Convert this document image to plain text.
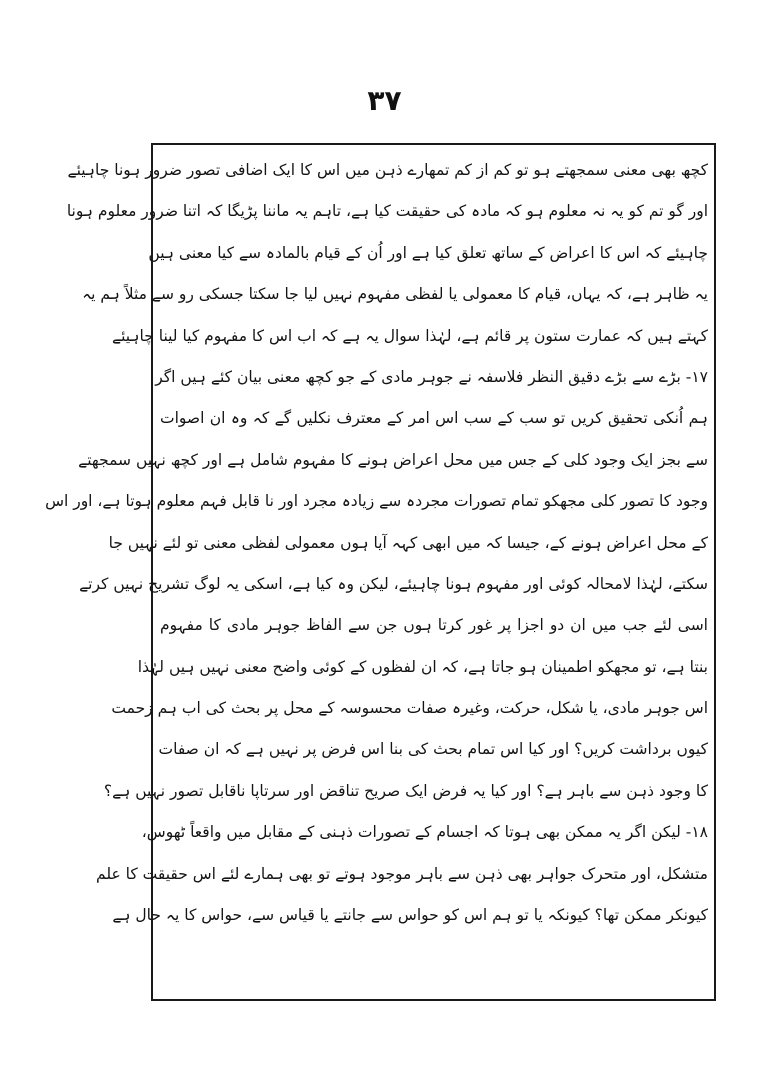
۳۷
کچھ بھی معنی سمجھتے ہو تو کم از کم تمھارے ذہن میں اس کا ایک اضافی تصور ضرور ہونا چاہیئے
اور گو تم کو یہ نہ معلوم ہو کہ مادہ کی حقیقت کیا ہے، تاہم یہ ماننا پڑیگا کہ اتنا ضرور معلوم ہونا
چاہیئے کہ اس کا اعراض کے ساتھ تعلق کیا ہے اور اُن کے قیام بالمادہ سے کیا معنی ہیں
یہ ظاہر ہے، کہ یہاں، قیام کا معمولی یا لفظی مفہوم نہیں لیا جا سکتا جسکی رو سے مثلاً ہم یہ
کہتے ہیں کہ عمارت ستون پر قائم ہے، لہٰذا سوال یہ ہے کہ اب اس کا مفہوم کیا لینا چاہیئے
۱۷- بڑے سے بڑے دقیق النظر فلاسفہ نے جوہر مادی کے جو کچھ معنی بیان کئے ہیں اگر
ہم اُنکی تحقیق کریں تو سب کے سب اس امر کے معترف نکلیں گے کہ وہ ان اصوات
سے بجز ایک وجود کلی کے جس میں محل اعراض ہونے کا مفہوم شامل ہے اور کچھ نہیں سمجھتے
وجود کا تصور کلی مجھکو تمام تصورات مجردہ سے زیادہ مجرد اور نا قابل فہم معلوم ہوتا ہے، اور اس
کے محل اعراض ہونے کے، جیسا کہ میں ابھی کہہ آیا ہوں معمولی لفظی معنی تو لئے نہیں جا
سکتے، لہٰذا لامحالہ کوئی اور مفہوم ہونا چاہیئے، لیکن وہ کیا ہے، اسکی یہ لوگ تشریح نہیں کرتے
اسی لئے جب میں ان دو اجزا پر غور کرتا ہوں جن سے الفاظ جوہر مادی کا مفہوم
بنتا ہے، تو مجھکو اطمینان ہو جاتا ہے، کہ ان لفظوں کے کوئی واضح معنی نہیں ہیں لہٰذا
اس جوہر مادی، یا شکل، حرکت، وغیرہ صفات محسوسہ کے محل پر بحث کی اب ہم زحمت
کیوں برداشت کریں؟ اور کیا اس تمام بحث کی بنا اس فرض پر نہیں ہے کہ ان صفات
کا وجود ذہن سے باہر ہے؟ اور کیا یہ فرض ایک صریح تناقض اور سرتاپا ناقابل تصور نہیں ہے؟
۱۸- لیکن اگر یہ ممکن بھی ہوتا کہ اجسام کے تصورات ذہنی کے مقابل میں واقعاً ٹھوس،
متشکل، اور متحرک جواہر بھی ذہن سے باہر موجود ہوتے تو بھی ہمارے لئے اس حقیقت کا علم
کیونکر ممکن تھا؟ کیونکہ یا تو ہم اس کو حواس سے جانتے یا قیاس سے، حواس کا یہ حال ہے
